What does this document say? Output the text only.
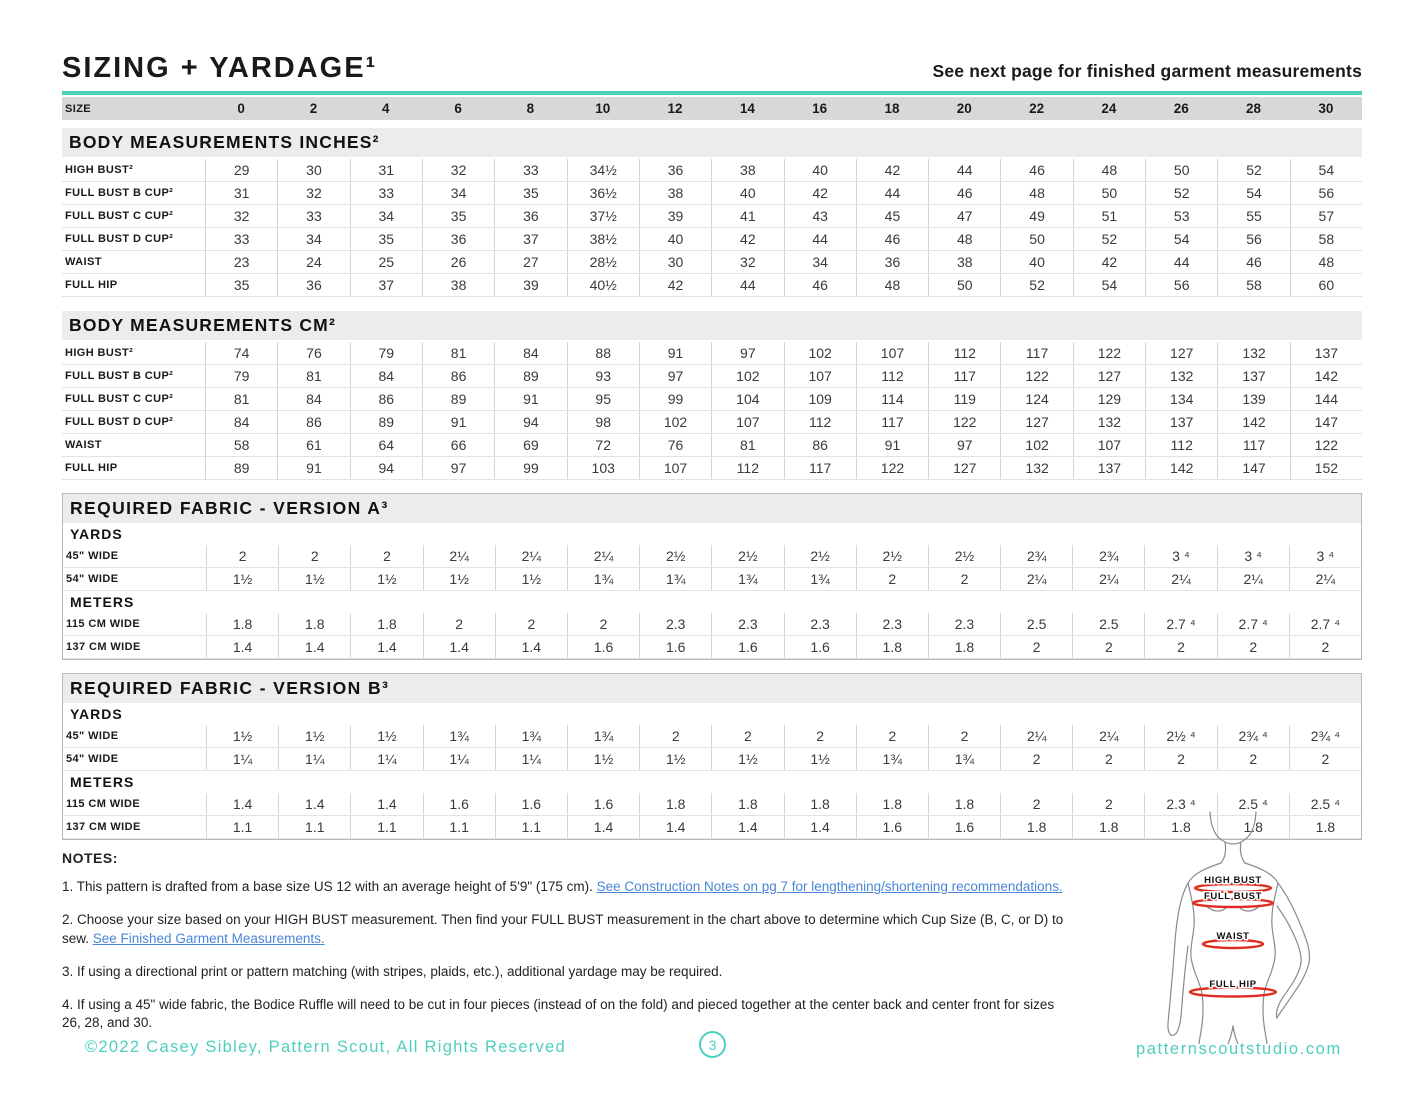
SIZING + YARDAGE¹	See next page for finished garment measurements
SIZE	0	2	4	6	8	10	12	14	16	18	20	22	24	26	28	30
BODY MEASUREMENTS INCHES²
HIGH BUST²	29	30	31	32	33	34½	36	38	40	42	44	46	48	50	52	54
FULL BUST B CUP²	31	32	33	34	35	36½	38	40	42	44	46	48	50	52	54	56
FULL BUST C CUP²	32	33	34	35	36	37½	39	41	43	45	47	49	51	53	55	57
FULL BUST D CUP²	33	34	35	36	37	38½	40	42	44	46	48	50	52	54	56	58
WAIST	23	24	25	26	27	28½	30	32	34	36	38	40	42	44	46	48
FULL HIP	35	36	37	38	39	40½	42	44	46	48	50	52	54	56	58	60
BODY MEASUREMENTS CM²
HIGH BUST²	74	76	79	81	84	88	91	97	102	107	112	117	122	127	132	137
FULL BUST B CUP²	79	81	84	86	89	93	97	102	107	112	117	122	127	132	137	142
FULL BUST C CUP²	81	84	86	89	91	95	99	104	109	114	119	124	129	134	139	144
FULL BUST D CUP²	84	86	89	91	94	98	102	107	112	117	122	127	132	137	142	147
WAIST	58	61	64	66	69	72	76	81	86	91	97	102	107	112	117	122
FULL HIP	89	91	94	97	99	103	107	112	117	122	127	132	137	142	147	152
REQUIRED FABRIC - VERSION A³
YARDS
45" WIDE	2	2	2	2¼	2¼	2¼	2½	2½	2½	2½	2½	2¾	2¾	3 ⁴	3 ⁴	3 ⁴
54" WIDE	1½	1½	1½	1½	1½	1¾	1¾	1¾	1¾	2	2	2¼	2¼	2¼	2¼	2¼
METERS
115 CM WIDE	1.8	1.8	1.8	2	2	2	2.3	2.3	2.3	2.3	2.3	2.5	2.5	2.7 ⁴	2.7 ⁴	2.7 ⁴
137 CM WIDE	1.4	1.4	1.4	1.4	1.4	1.6	1.6	1.6	1.6	1.8	1.8	2	2	2	2	2
REQUIRED FABRIC - VERSION B³
YARDS
45" WIDE	1½	1½	1½	1¾	1¾	1¾	2	2	2	2	2	2¼	2¼	2½ ⁴	2¾ ⁴	2¾ ⁴
54" WIDE	1¼	1¼	1¼	1¼	1¼	1½	1½	1½	1½	1¾	1¾	2	2	2	2	2
METERS
115 CM WIDE	1.4	1.4	1.4	1.6	1.6	1.6	1.8	1.8	1.8	1.8	1.8	2	2	2.3 ⁴	2.5 ⁴	2.5 ⁴
137 CM WIDE	1.1	1.1	1.1	1.1	1.1	1.4	1.4	1.4	1.4	1.6	1.6	1.8	1.8	1.8	1.8	1.8
NOTES:

1. This pattern is drafted from a base size US 12 with an average height of 5'9" (175 cm). See Construction Notes on pg 7 for lengthening/shortening recommendations.

2. Choose your size based on your HIGH BUST measurement. Then find your FULL BUST measurement in the chart above to determine which Cup Size (B, C, or D) to sew. See Finished Garment Measurements.

3. If using a directional print or pattern matching (with stripes, plaids, etc.), additional yardage may be required.

4. If using a 45" wide fabric, the Bodice Ruffle will need to be cut in four pieces (instead of on the fold) and pieced together at the center back and center front for sizes 26, 28, and 30.

HIGH BUST
FULL BUST
WAIST
FULL HIP
©2022 Casey Sibley, Pattern Scout, All Rights Reserved	3	patternscoutstudio.com
